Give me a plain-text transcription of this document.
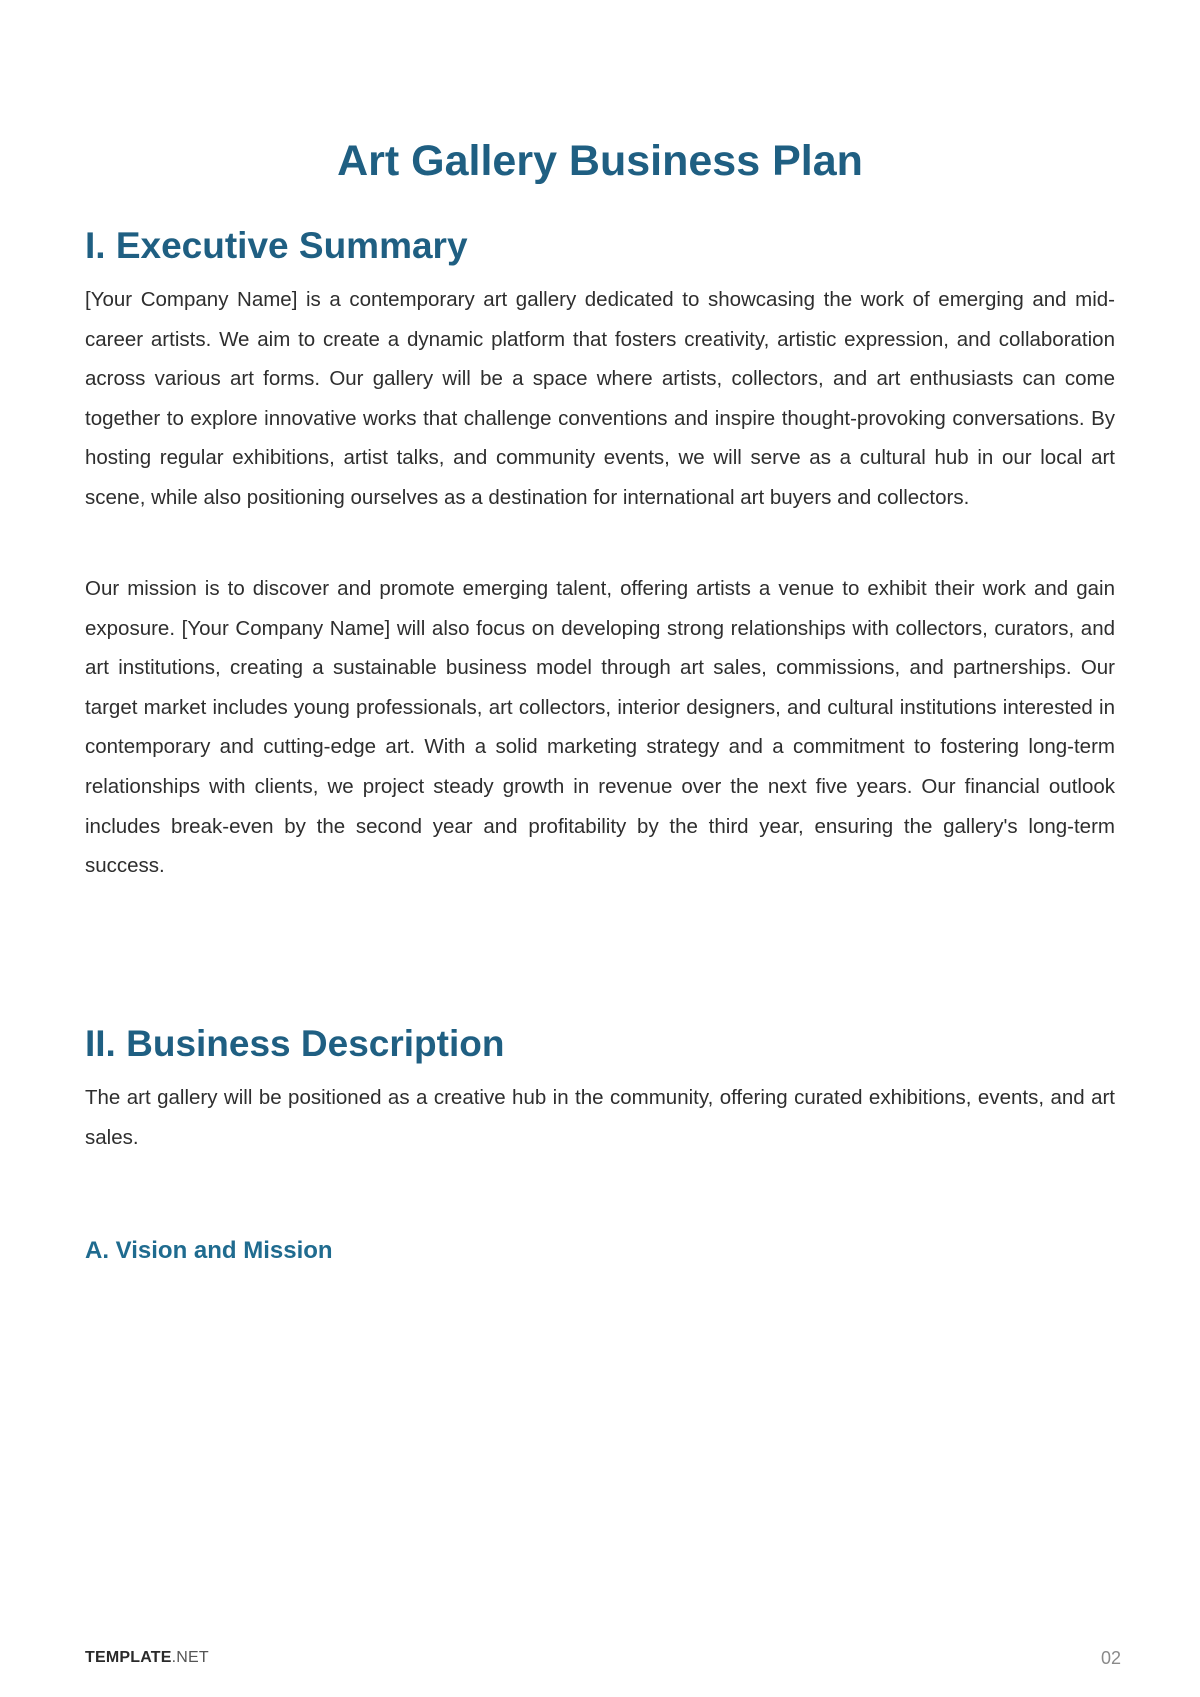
Art Gallery Business Plan
I. Executive Summary

[Your Company Name] is a contemporary art gallery dedicated to showcasing the work of emerging and mid-career artists. We aim to create a dynamic platform that fosters creativity, artistic expression, and collaboration across various art forms. Our gallery will be a space where artists, collectors, and art enthusiasts can come together to explore innovative works that challenge conventions and inspire thought-provoking conversations. By hosting regular exhibitions, artist talks, and community events, we will serve as a cultural hub in our local art scene, while also positioning ourselves as a destination for international art buyers and collectors.

Our mission is to discover and promote emerging talent, offering artists a venue to exhibit their work and gain exposure. [Your Company Name] will also focus on developing strong relationships with collectors, curators, and art institutions, creating a sustainable business model through art sales, commissions, and partnerships. Our target market includes young professionals, art collectors, interior designers, and cultural institutions interested in contemporary and cutting-edge art. With a solid marketing strategy and a commitment to fostering long-term relationships with clients, we project steady growth in revenue over the next five years. Our financial outlook includes break-even by the second year and profitability by the third year, ensuring the gallery's long-term success.

II. Business Description

The art gallery will be positioned as a creative hub in the community, offering curated exhibitions, events, and art sales.

A. Vision and Mission
TEMPLATE.NET	02
